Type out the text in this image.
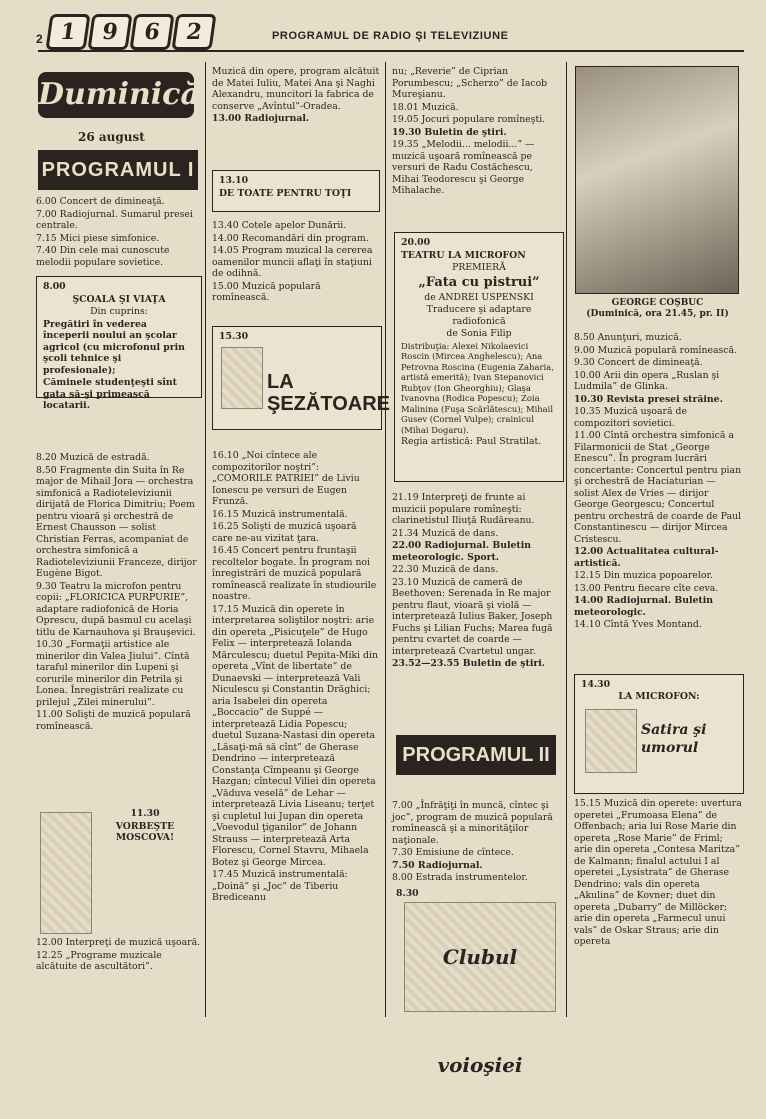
2 1	9	6	2	PROGRAMUL DE RADIO ŞI TELEVIZIUNE
Duminică
26 august
PROGRAMUL I

6.00 Concert de dimineaţă.

7.00 Radiojurnal. Sumarul presei centrale.

7.15 Mici piese simfonice.

7.40 Din cele mai cunoscute melodii populare sovietice.

8.00

ŞCOALA ŞI VIAŢA

Din cuprins:

Pregătiri în vederea începerii noului an şcolar agricol (cu microfonul prin şcoli tehnice şi profesionale);

Căminele studenţeşti sînt gata să-şi primească locatarii.

8.20 Muzică de estradă.

8.50 Fragmente din Suita în Re major de Mihail Jora — orchestra simfonică a Radioteleviziunii dirijată de Florica Dimitriu; Poem pentru vioară şi orchestră de Ernest Chausson — solist Christian Ferras, acompaniat de orchestra simfonică a Radioteleviziunii Franceze, dirijor Eugène Bigot.

9.30 Teatru la microfon pentru copii: „FLORICICA PURPURIE”, adaptare radiofonică de Horia Oprescu, după basmul cu acelaşi titlu de Karnauhova şi Brauşevici.

10.30 „Formaţii artistice ale minerilor din Valea Jiului”. Cîntă taraful minerilor din Lupeni şi corurile minerilor din Petrila şi Lonea. Înregistrări realizate cu prilejul „Zilei minerului”.

11.00 Solişti de muzică populară romînească.

11.30

VORBEŞTE MOSCOVA!

12.00 Interpreţi de muzică uşoară.

12.25 „Programe muzicale alcătuite de ascultători”.

Muzică din opere, program alcătuit de Matei Iuliu, Matei Ana şi Naghi Alexandru, muncitori la fabrica de conserve „Avîntul”-Oradea.

13.00 Radiojurnal.

13.10

DE TOATE PENTRU TOŢI

13.40 Cotele apelor Dunării.

14.00 Recomandări din program.

14.05 Program muzical la cererea oamenilor muncii aflaţi în staţiuni de odihnă.

15.00 Muzică populară romînească.

15.30
LA ŞEZĂTOARE

16.10 „Noi cîntece ale compozitorilor noştri”: „COMORILE PATRIEI” de Liviu Ionescu pe versuri de Eugen Frunză.

16.15 Muzică instrumentală.

16.25 Solişti de muzică uşoară care ne-au vizitat ţara.

16.45 Concert pentru fruntaşii recoltelor bogate. În program noi înregistrări de muzică populară romînească realizate în studiourile noastre.

17.15 Muzică din operete în interpretarea soliştilor noştri: arie din opereta „Pisicuţele” de Hugo Felix — interpretează Iolanda Mărculescu; duetul Pepita-Miki din opereta „Vînt de libertate” de Dunaevski — interpretează Vali Niculescu şi Constantin Drăghici; aria Isabelei din opereta „Boccacio” de Suppé — interpretează Lidia Popescu; duetul Suzana-Nastasi din opereta „Lăsaţi-mă să cînt” de Gherase Dendrino — interpretează Constanţa Cîmpeanu şi George Hazgan; cîntecul Viliei din opereta „Văduva veselă” de Lehar — interpretează Livia Liseanu; terţet şi cupletul lui Jupan din opereta „Voevodul ţiganilor” de Johann Strauss — interpretează Arta Florescu, Cornel Stavru, Mihaela Botez şi George Mircea.

17.45 Muzică instrumentală: „Doină” şi „Joc” de Tiberiu Brediceanu

nu; „Reverie” de Ciprian Porumbescu; „Scherzo” de Iacob Mureşianu.

18.01 Muzică.

19.05 Jocuri populare romîneşti.

19.30 Buletin de ştiri.

19.35 „Melodii... melodii...” — muzică uşoară romînească pe versuri de Radu Costăchescu, Mihai Teodorescu şi George Mihalache.

20.00

TEATRU LA MICROFON

PREMIERĂ

„Fata cu pistrui”

de ANDREI USPENSKI

Traducere şi adaptare radiofonică

de Sonia Filip

Distribuţia: Alexei Nikolaevici Roscin (Mircea Anghelescu); Ana Petrovna Roscina (Eugenia Zaharia, artistă emerită); Ivan Stepanovici Rubţov (Ion Gheorghiu); Glaşa Ivanovna (Rodica Popescu); Zoia Malinina (Fuşa Scărlătescu); Mihail Gusev (Cornel Vulpe); crainicul (Mihai Dogaru).

Regia artistică: Paul Stratilat.

21.19 Interpreţi de frunte ai muzicii populare romîneşti: clarinetistul Iliuţă Rudăreanu.

21.34 Muzică de dans.

22.00 Radiojurnal. Buletin meteorologic. Sport.

22.30 Muzică de dans.

23.10 Muzică de cameră de Beethoven: Serenada în Re major pentru flaut, vioară şi violă — interpretează Iulius Baker, Joseph Fuchs şi Lilian Fuchs; Marea fugă pentru cvartet de coarde — interpretează Cvartetul ungar.

23.52—23.55 Buletin de ştiri.

PROGRAMUL II

7.00 „Înfrăţiţi în muncă, cîntec şi joc”, program de muzică populară romînească şi a minorităţilor naţionale.

7.30 Emisiune de cîntece.

7.50 Radiojurnal.

8.00 Estrada instrumentelor.

8.30
Clubul voioşiei

GEORGE COŞBUC

(Duminică, ora 21.45, pr. II)

8.50 Anunţuri, muzică.

9.00 Muzică populară romînească.

9.30 Concert de dimineaţă.

10.00 Arii din opera „Ruslan şi Ludmila” de Glinka.

10.30 Revista presei străine.

10.35 Muzică uşoară de compozitori sovietici.

11.00 Cîntă orchestra simfonică a Filarmonicii de Stat „George Enescu”. În program lucrări concertante: Concertul pentru pian şi orchestră de Haciaturian — solist Alex de Vries — dirijor George Georgescu; Concertul pentru orchestră de coarde de Paul Constantinescu — dirijor Mircea Cristescu.

12.00 Actualitatea cultural-artistică.

12.15 Din muzica popoarelor.

13.00 Pentru fiecare cîte ceva.

14.00 Radiojurnal. Buletin meteorologic.

14.10 Cîntă Yves Montand.

14.30
LA MICROFON:
Satira şi umorul

15.15 Muzică din operete: uvertura operetei „Frumoasa Elena” de Offenbach; aria lui Rose Marie din opereta „Rose Marie” de Friml; arie din opereta „Contesa Maritza” de Kalmann; finalul actului I al operetei „Lysistrata” de Gherase Dendrino; vals din opereta „Akulina” de Kovner; duet din opereta „Dubarry” de Millöcker; arie din opereta „Farmecul unui vals” de Oskar Straus; arie din opereta
